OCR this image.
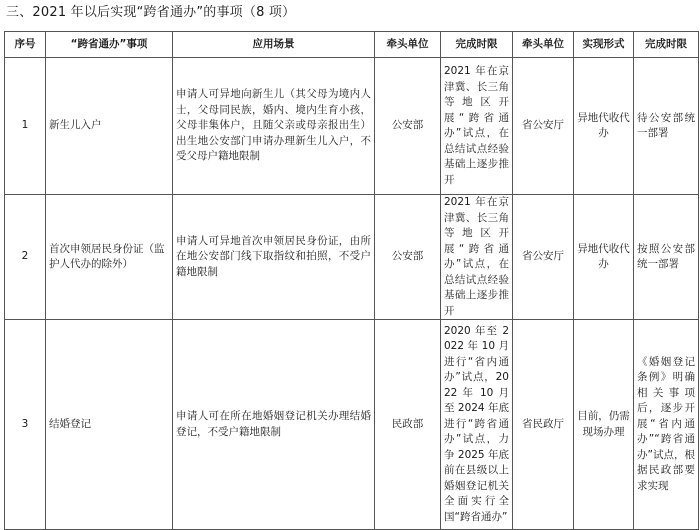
三、2021 年以后实现“跨省通办”的事项（8 项）
序号	“跨省通办”事项	应用场景	牵头单位	完成时限	牵头单位	实现形式	完成时限
1	新生儿入户	申请人可异地向新生儿（其父母为境内人士，父母同民族，婚内、境内生育小孩，父母非集体户，且随父亲或母亲报出生）出生地公安部门申请办理新生儿入户，不受父母户籍地限制	公安部	2021 年在京津冀、长三角等地区开展“跨省通办”试点，在总结试点经验基础上逐步推开	省公安厅	异地代收代办	待公安部统一部署
2	首次申领居民身份证（监护人代办的除外）	申请人可异地首次申领居民身份证，由所在地公安部门线下取指纹和拍照，不受户籍地限制	公安部	2021 年在京津冀、长三角等地区开展“跨省通办”试点，在总结试点经验基础上逐步推开	省公安厅	异地代收代办	按照公安部统一部署
3	结婚登记	申请人可在所在地婚姻登记机关办理结婚登记，不受户籍地限制	民政部	2020 年至 2022 年 10 月进行“省内通办”试点，2022 年 10 月至 2024 年底进行“跨省通办”试点，力争 2025 年底前在县级以上婚姻登记机关全面实行全国“跨省通办”	省民政厅	目前，仍需现场办理	《婚姻登记条例》明确相关事项后，逐步开展“省内通办”“跨省通办”试点，根据民政部要求实现
